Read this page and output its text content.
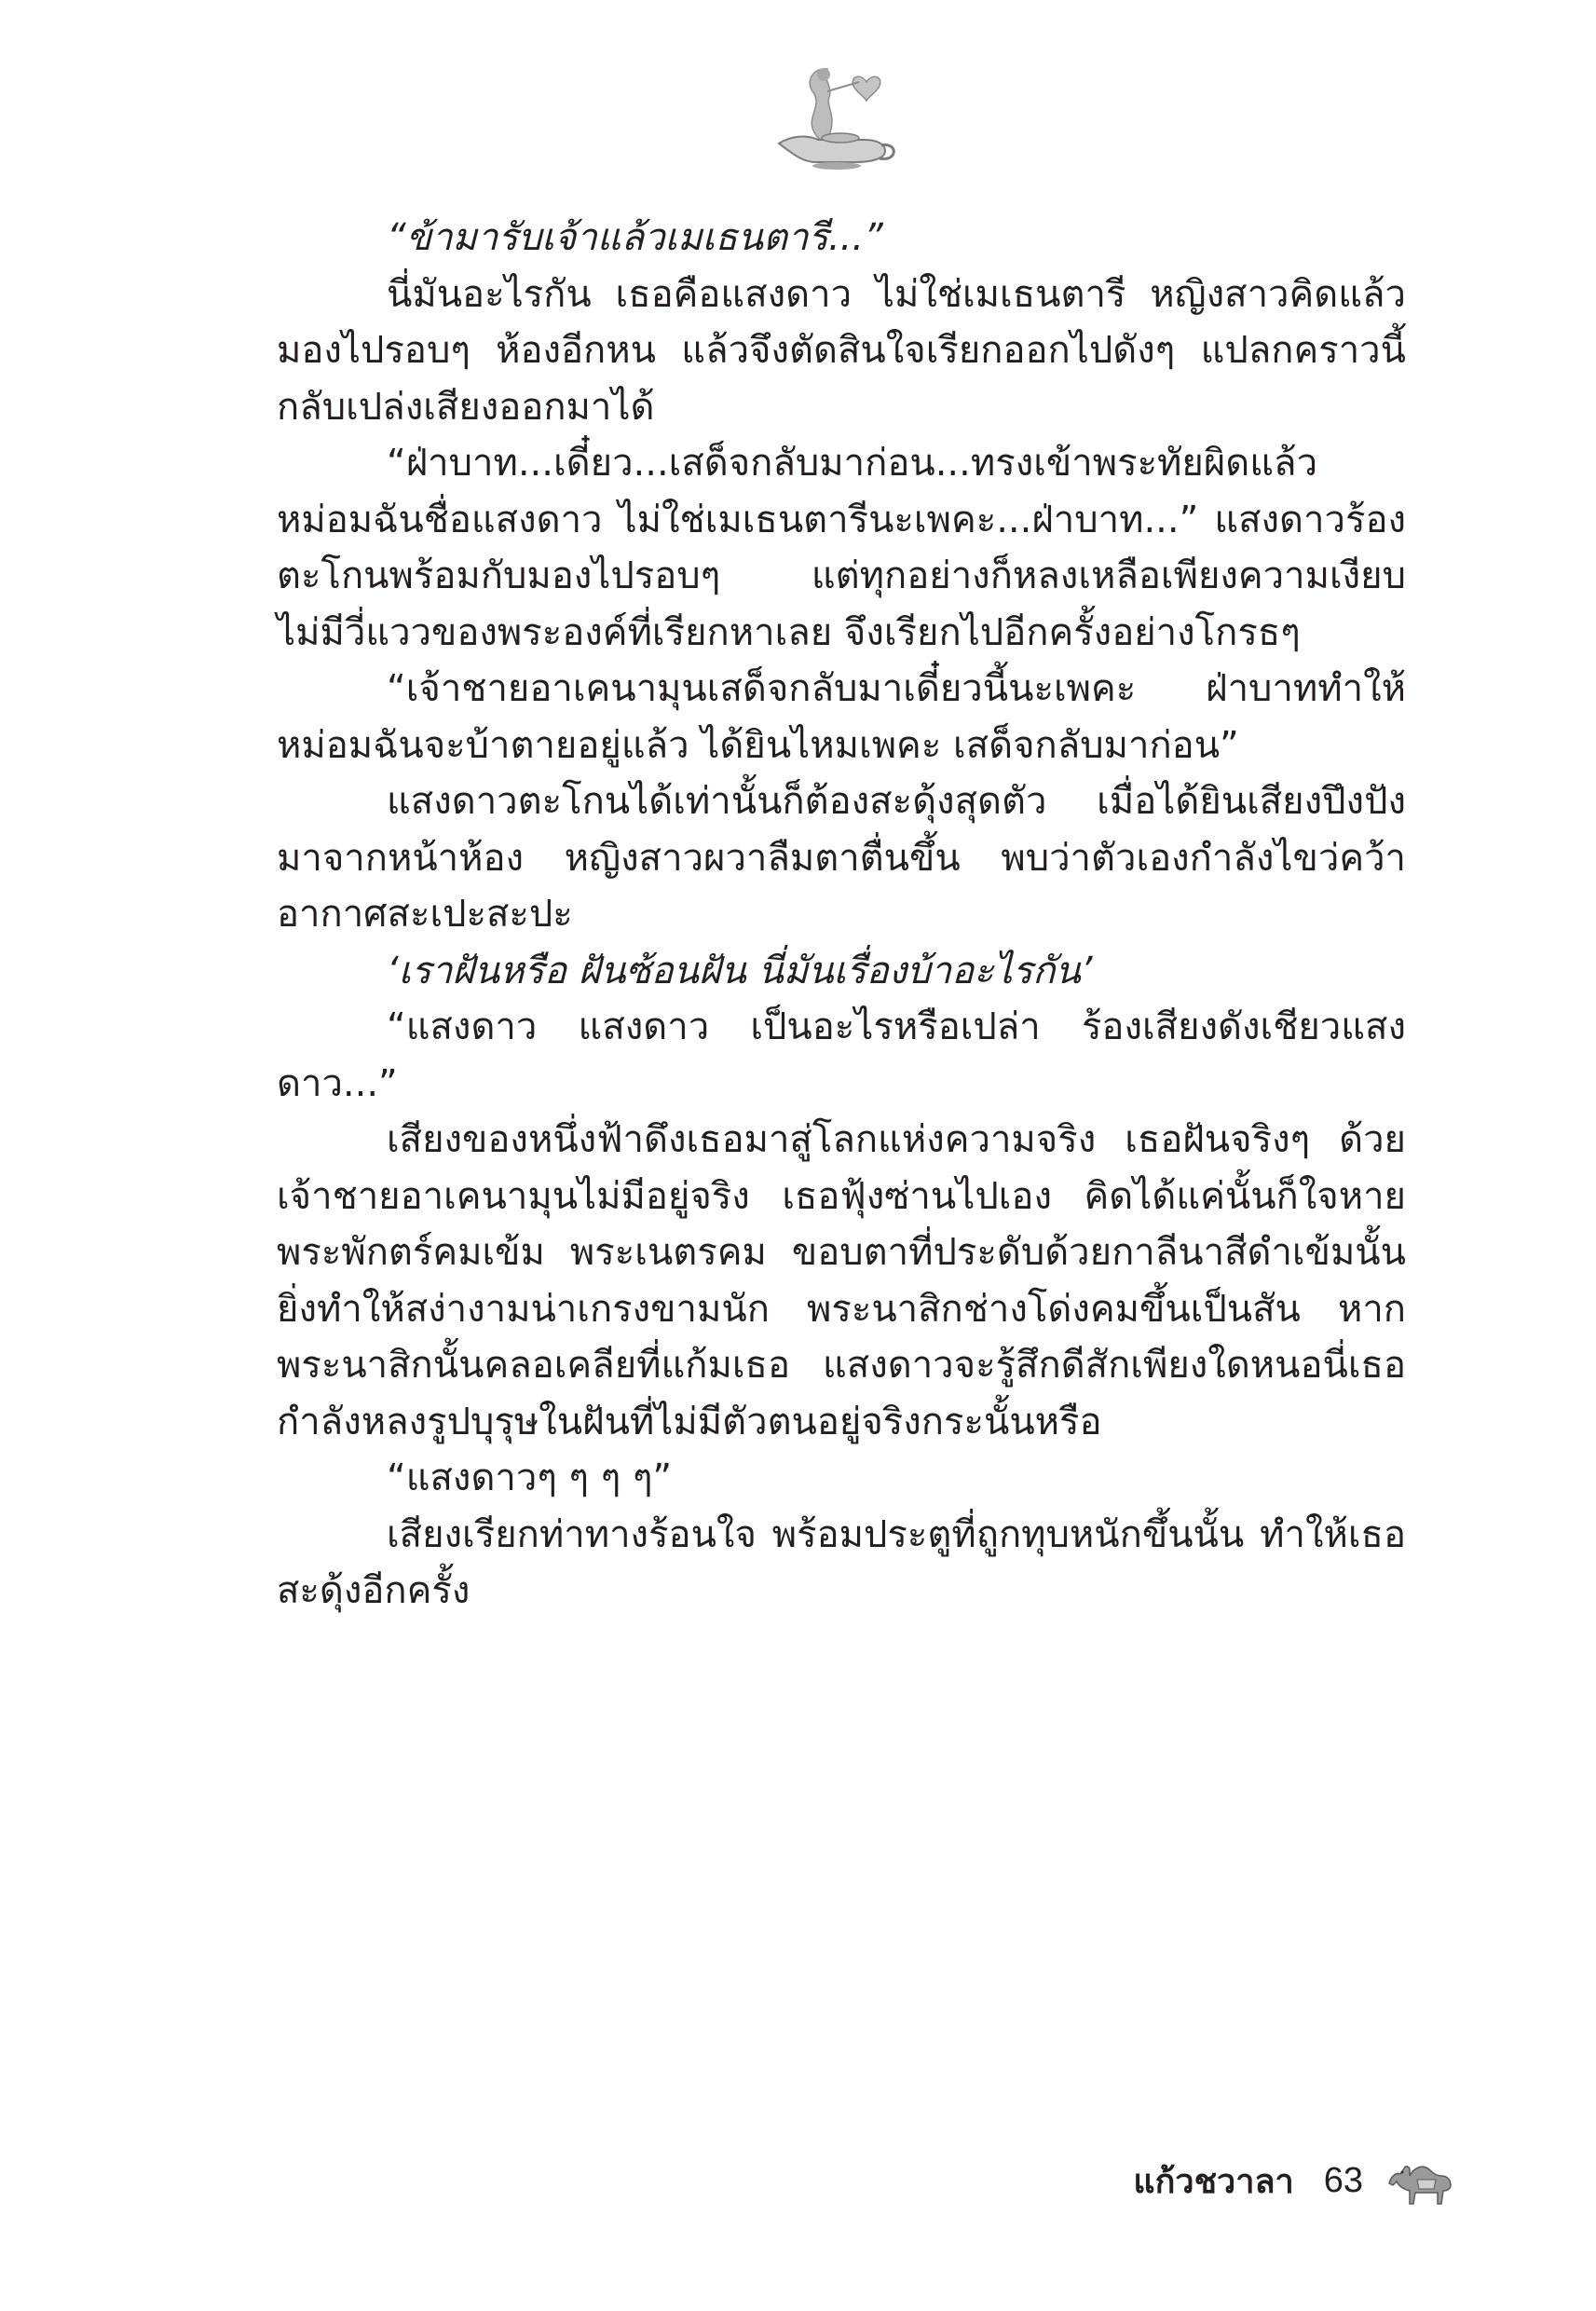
“ข้ามารับเจ้าแล้วเมเธนตารี...”

นี่มันอะไรกัน เธอคือแสงดาว ไม่ใช่เมเธนตารี หญิงสาวคิดแล้วมองไปรอบๆ ห้องอีกหน แล้วจึงตัดสินใจเรียกออกไปดังๆ แปลกคราวนี้กลับเปล่งเสียงออกมาได้

“ฝ่าบาท...เดี๋ยว...เสด็จกลับมาก่อน...ทรงเข้าพระทัยผิดแล้วหม่อมฉันชื่อแสงดาว ไม่ใช่เมเธนตารีนะเพคะ...ฝ่าบาท...” แสงดาวร้องตะโกนพร้อมกับมองไปรอบๆ แต่ทุกอย่างก็หลงเหลือเพียงความเงียบ ไม่มีวี่แววของพระองค์ที่เรียกหาเลย จึงเรียกไปอีกครั้งอย่างโกรธๆ

“เจ้าชายอาเคนามุนเสด็จกลับมาเดี๋ยวนี้นะเพคะ ฝ่าบาททำให้หม่อมฉันจะบ้าตายอยู่แล้ว ได้ยินไหมเพคะ เสด็จกลับมาก่อน”

แสงดาวตะโกนได้เท่านั้นก็ต้องสะดุ้งสุดตัว เมื่อได้ยินเสียงปึงปังมาจากหน้าห้อง หญิงสาวผวาลืมตาตื่นขึ้น พบว่าตัวเองกำลังไขว่คว้าอากาศสะเปะสะปะ

‘เราฝันหรือ ฝันซ้อนฝัน นี่มันเรื่องบ้าอะไรกัน’

“แสงดาว แสงดาว เป็นอะไรหรือเปล่า ร้องเสียงดังเชียวแสงดาว...”

เสียงของหนึ่งฟ้าดึงเธอมาสู่โลกแห่งความจริง เธอฝันจริงๆ ด้วยเจ้าชายอาเคนามุนไม่มีอยู่จริง เธอฟุ้งซ่านไปเอง คิดได้แค่นั้นก็ใจหายพระพักตร์คมเข้ม พระเนตรคม ขอบตาที่ประดับด้วยกาลีนาสีดำเข้มนั้นยิ่งทำให้สง่างามน่าเกรงขามนัก พระนาสิกช่างโด่งคมขึ้นเป็นสัน หากพระนาสิกนั้นคลอเคลียที่แก้มเธอ แสงดาวจะรู้สึกดีสักเพียงใดหนอนี่เธอกำลังหลงรูปบุรุษในฝันที่ไม่มีตัวตนอยู่จริงกระนั้นหรือ

“แสงดาวๆ ๆ ๆ ๆ”

เสียงเรียกท่าทางร้อนใจ พร้อมประตูที่ถูกทุบหนักขึ้นนั้น ทำให้เธอสะดุ้งอีกครั้ง

แก้วชวาลา 63
